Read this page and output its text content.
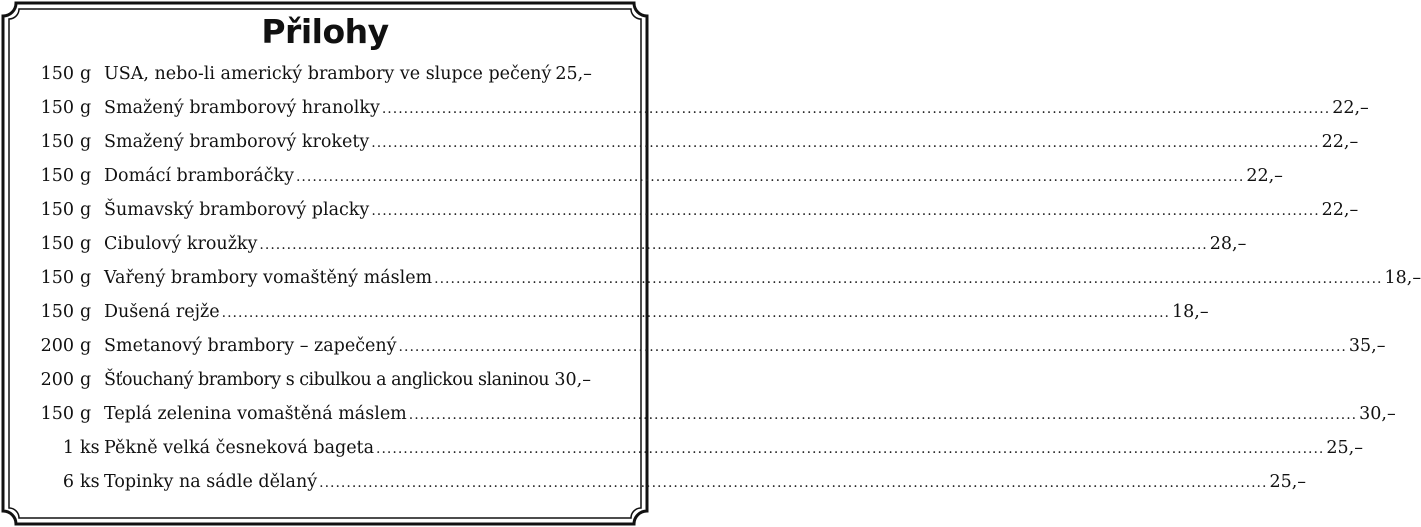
Přilohy
150 g USA, nebo-li americký brambory ve slupce pečený 25,–
150 g Smažený bramborový hranolky .............................................................................................................................................................................. 22,–
150 g Smažený bramborový krokety .............................................................................................................................................................................. 22,–
150 g Domácí bramboráčky .............................................................................................................................................................................. 22,–
150 g Šumavský bramborový placky .............................................................................................................................................................................. 22,–
150 g Cibulový kroužky .............................................................................................................................................................................. 28,–
150 g Vařený brambory vomaštěný máslem .............................................................................................................................................................................. 18,–
150 g Dušená rejže .............................................................................................................................................................................. 18,–
200 g Smetanový brambory – zapečený .............................................................................................................................................................................. 35,–
200 g Šťouchaný brambory s cibulkou a anglickou slaninou 30,–
150 g Teplá zelenina vomaštěná máslem .............................................................................................................................................................................. 30,–
1 ks Pěkně velká česneková bageta .............................................................................................................................................................................. 25,–
6 ks Topinky na sádle dělaný .............................................................................................................................................................................. 25,–
